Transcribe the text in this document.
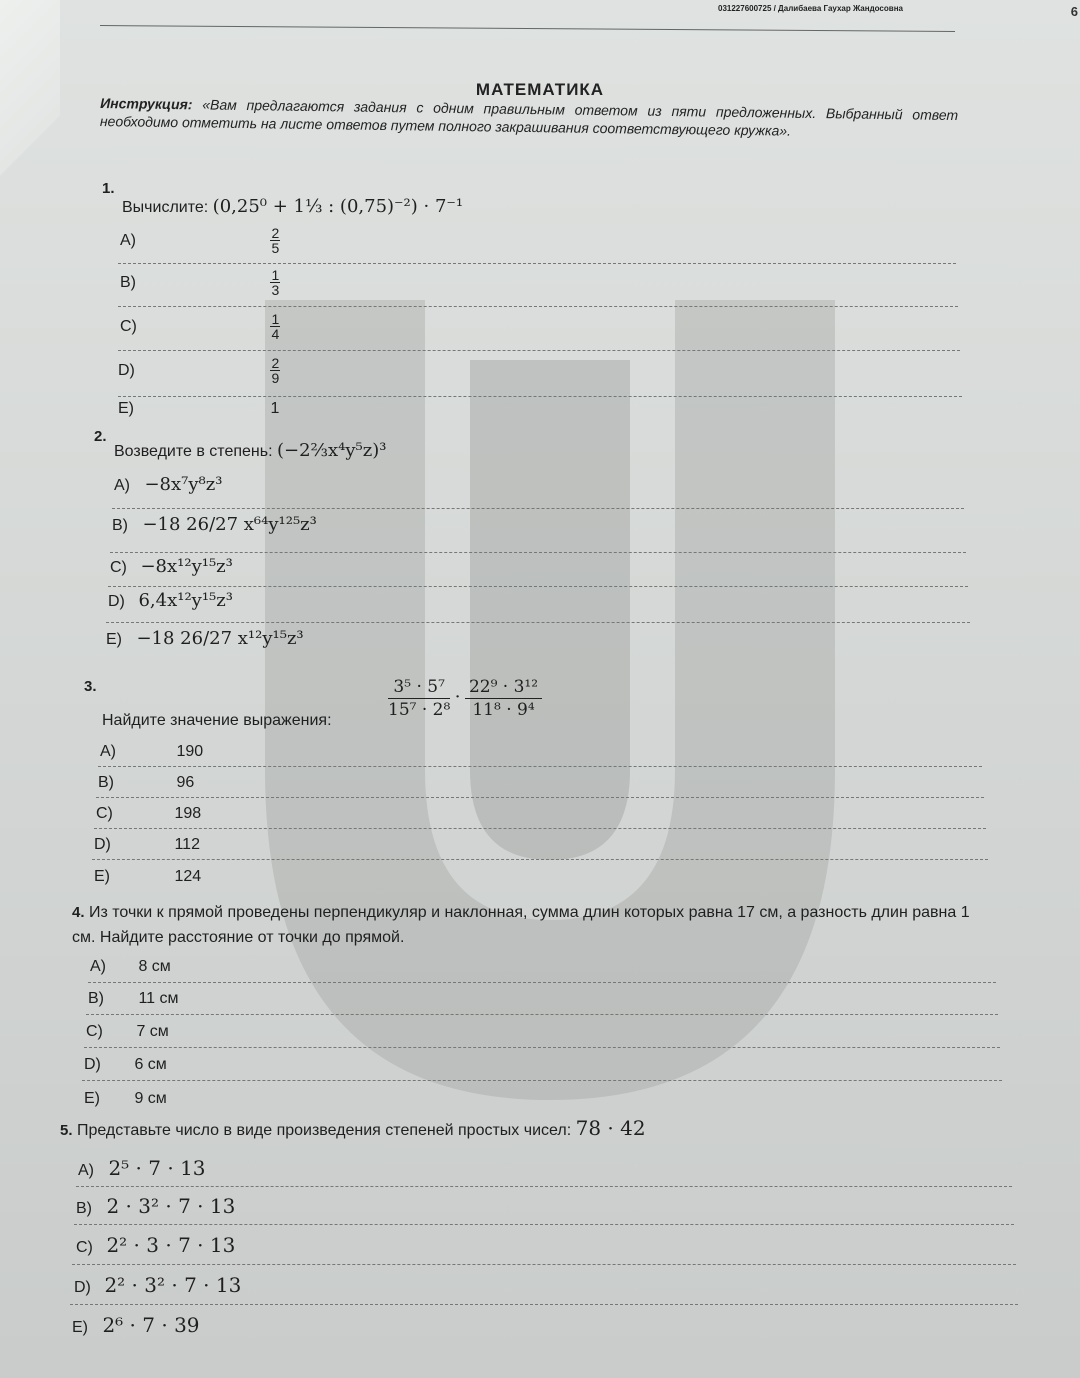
031227600725 / Далибаева Гаухар Жандосовна	6
МАТЕМАТИКА
Инструкция: «Вам предлагаются задания с одним правильным ответом из пяти предложенных. Выбранный ответ необходимо отметить на листе ответов путем полного закрашивания соответствующего кружка».
1.
Вычислите: (0,25⁰ + 1⅓ : (0,75)⁻²) · 7⁻¹
A)	$\frac{2}{5}$
B)	$\frac{1}{3}$
C)	$\frac{1}{4}$
D)	$\frac{2}{9}$
E)	1
2.
Возведите в степень: (−2⅔x⁴y⁵z)³
A) −8x⁷y⁸z³
B) −18 26/27 x⁶⁴y¹²⁵z³
C) −8x¹²y¹⁵z³
D) 6,4x¹²y¹⁵z³
E) −18 26/27 x¹²y¹⁵z³
3.
Найдите значение выражения:	$\frac{\text{3⁵ · 5⁷}}{\text{15⁷ · 2⁸}} \cdot \frac{\text{22⁹ · 3¹²}}{\text{11⁸ · 9⁴}}$
A)	190
B)	96
C)	198
D)	112
E)	124
4. Из точки к прямой проведены перпендикуляр и наклонная, сумма длин которых равна 17 см, а разность длин равна 1 см. Найдите расстояние от точки до прямой.
A) 8 см
B) 11 см
C) 7 см
D) 6 см
E) 9 см
5. Представьте число в виде произведения степеней простых чисел: 78 · 42
A) 2⁵ · 7 · 13
B) 2 · 3² · 7 · 13
C) 2² · 3 · 7 · 13
D) 2² · 3² · 7 · 13
E) 2⁶ · 7 · 39
